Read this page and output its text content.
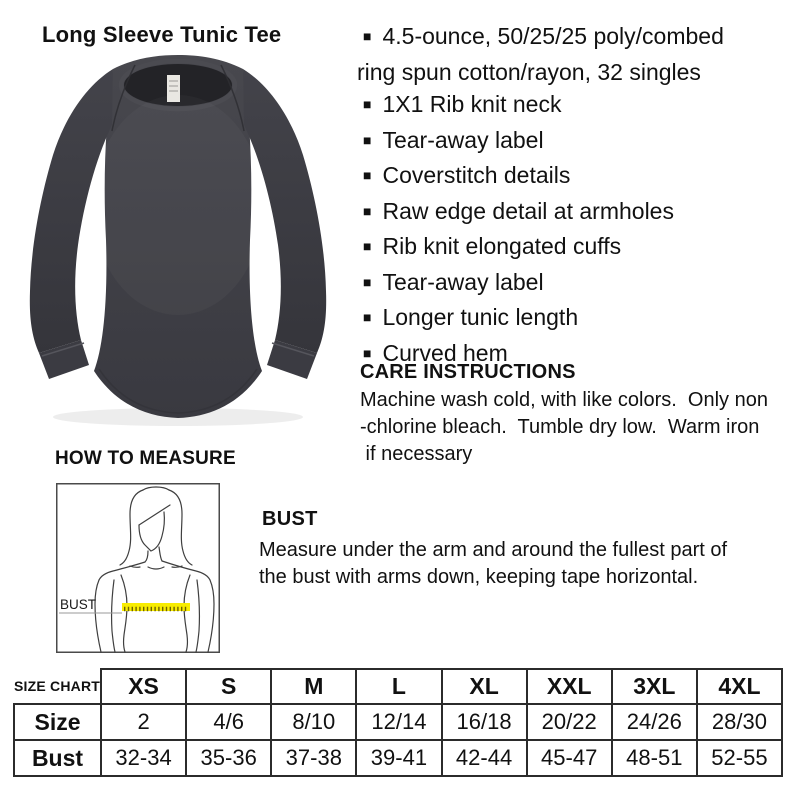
Long Sleeve Tunic Tee	■ 4.5-ounce, 50/25/25 poly/combed ring spun cotton/rayon, 32 singles
■ 1X1 Rib knit neck
■ Tear-away label
■ Coverstitch details
■ Raw edge detail at armholes
■ Rib knit elongated cuffs
■ Tear-away label
■ Longer tunic length
■ Curved hem
CARE INSTRUCTIONS
Machine wash cold, with like colors.  Only non
-chlorine bleach.  Tumble dry low.  Warm iron
if necessary
HOW TO MEASURE
BUST
BUST
Measure under the arm and around the fullest part of
the bust with arms down, keeping tape horizontal.
SIZE CHART	XS	S	M	L	XL	XXL	3XL	4XL
Size	2	4/6	8/10	12/14	16/18	20/22	24/26	28/30
Bust	32-34	35-36	37-38	39-41	42-44	45-47	48-51	52-55
